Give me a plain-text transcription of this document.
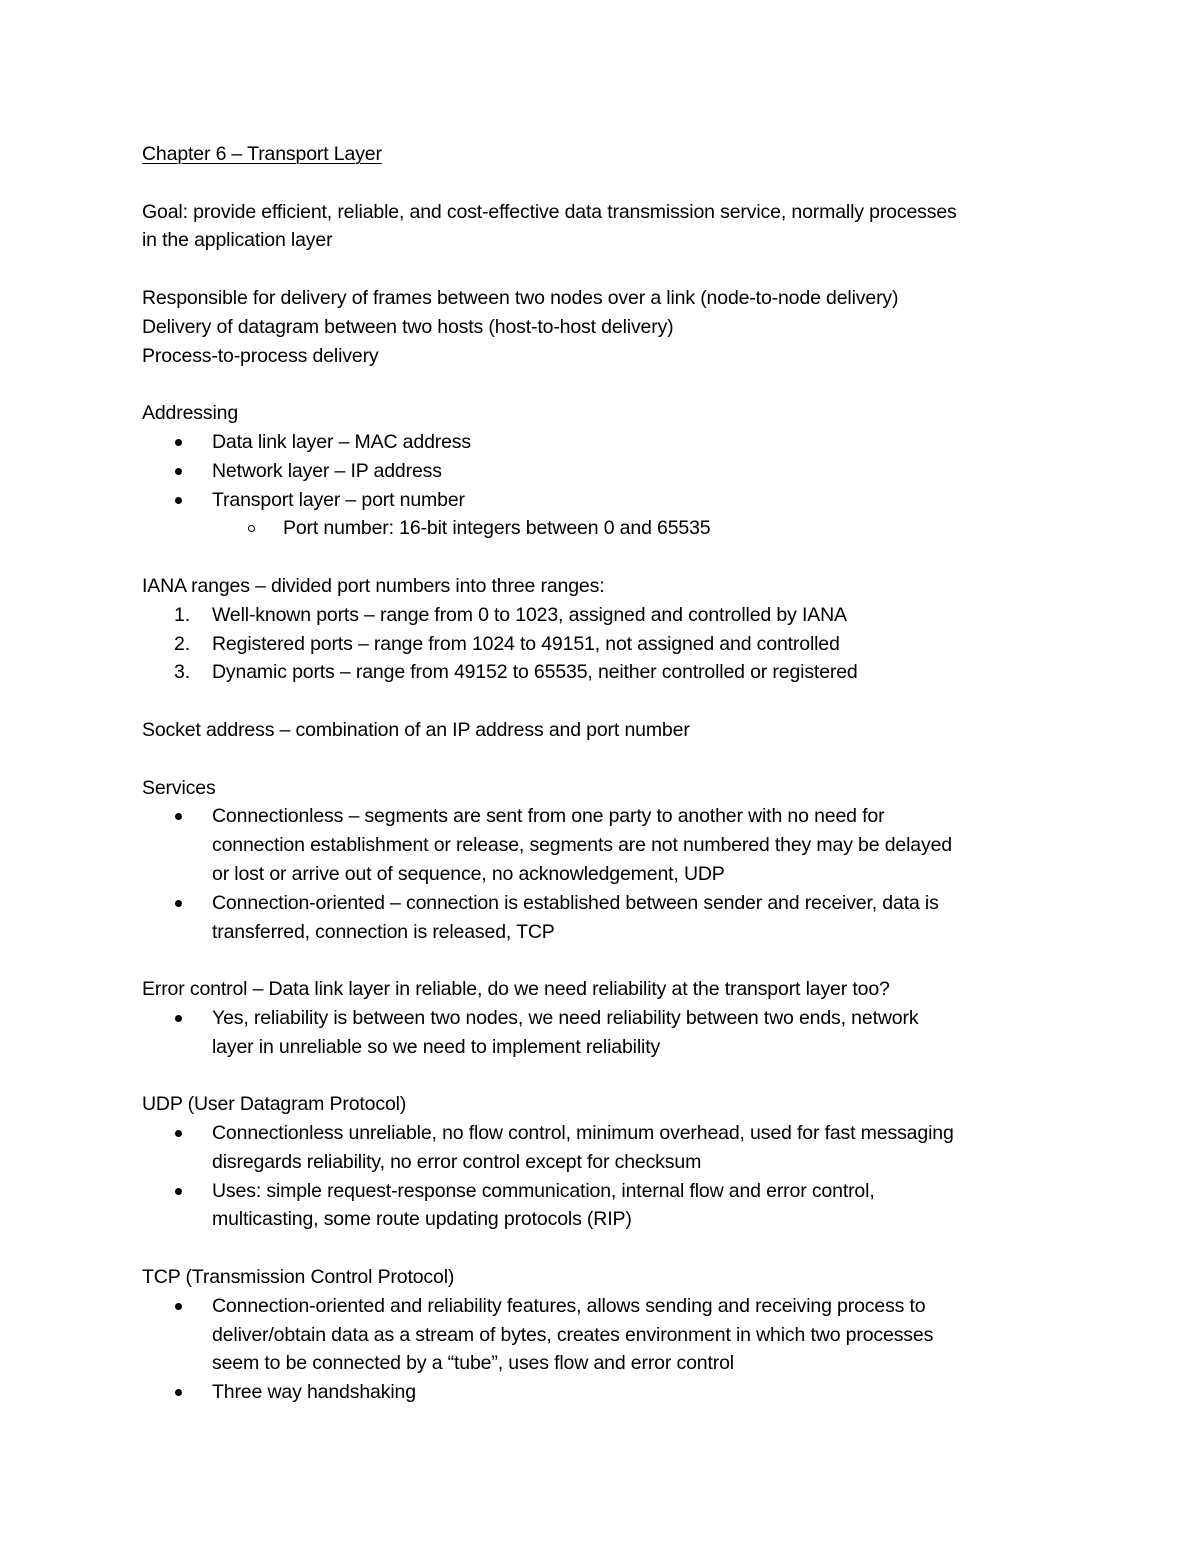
Chapter 6 – Transport Layer
Goal: provide efficient, reliable, and cost-effective data transmission service, normally processes
in the application layer
Responsible for delivery of frames between two nodes over a link (node-to-node delivery)
Delivery of datagram between two hosts (host-to-host delivery)
Process-to-process delivery
Addressing
Data link layer – MAC address
Network layer – IP address
Transport layer – port number
Port number: 16-bit integers between 0 and 65535
IANA ranges – divided port numbers into three ranges:
1. Well-known ports – range from 0 to 1023, assigned and controlled by IANA
2. Registered ports – range from 1024 to 49151, not assigned and controlled
3. Dynamic ports – range from 49152 to 65535, neither controlled or registered
Socket address – combination of an IP address and port number
Services
Connectionless – segments are sent from one party to another with no need for
connection establishment or release, segments are not numbered they may be delayed
or lost or arrive out of sequence, no acknowledgement, UDP
Connection-oriented – connection is established between sender and receiver, data is
transferred, connection is released, TCP
Error control – Data link layer in reliable, do we need reliability at the transport layer too?
Yes, reliability is between two nodes, we need reliability between two ends, network
layer in unreliable so we need to implement reliability
UDP (User Datagram Protocol)
Connectionless unreliable, no flow control, minimum overhead, used for fast messaging
disregards reliability, no error control except for checksum
Uses: simple request-response communication, internal flow and error control,
multicasting, some route updating protocols (RIP)
TCP (Transmission Control Protocol)
Connection-oriented and reliability features, allows sending and receiving process to
deliver/obtain data as a stream of bytes, creates environment in which two processes
seem to be connected by a “tube”, uses flow and error control
Three way handshaking
